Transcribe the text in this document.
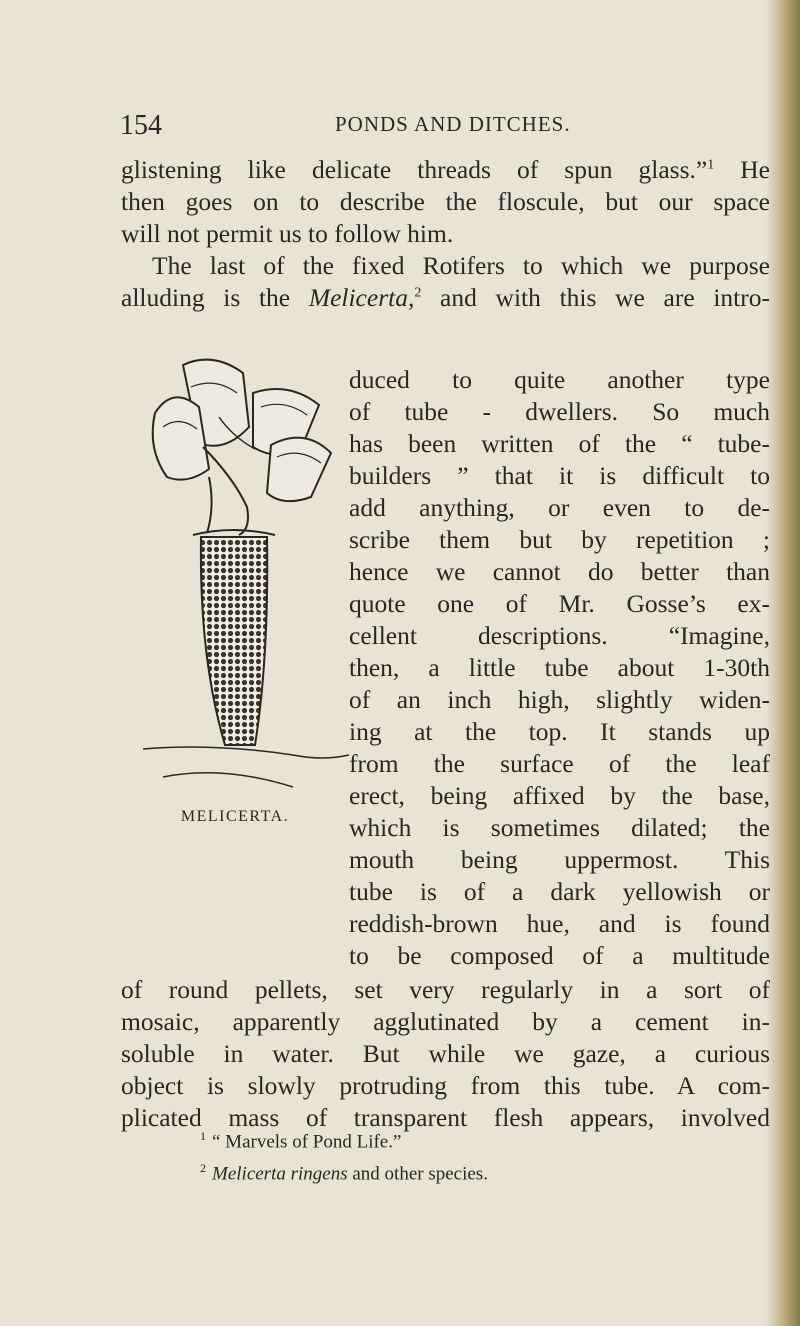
154	PONDS AND DITCHES.
glistening like delicate threads of spun glass.”$^1$ He
then goes on to describe the floscule, but our space
will not permit us to follow him.
The last of the fixed Rotifers to which we purpose
alluding is the Melicerta,$^2$ and with this we are intro-
MELICERTA.
duced to quite another type
of tube - dwellers. So much
has been written of the “ tube-
builders ” that it is difficult to
add anything, or even to de-
scribe them but by repetition ;
hence we cannot do better than
quote one of Mr. Gosse’s ex-
cellent descriptions. “Imagine,
then, a little tube about 1-30th
of an inch high, slightly widen-
ing at the top. It stands up
from the surface of the leaf
erect, being affixed by the base,
which is sometimes dilated; the
mouth being uppermost. This
tube is of a dark yellowish or
reddish-brown hue, and is found
to be composed of a multitude
of round pellets, set very regularly in a sort of
mosaic, apparently agglutinated by a cement in-
soluble in water. But while we gaze, a curious
object is slowly protruding from this tube. A com-
plicated mass of transparent flesh appears, involved
$^1$ “ Marvels of Pond Life.”
$^2$ Melicerta ringens and other species.
